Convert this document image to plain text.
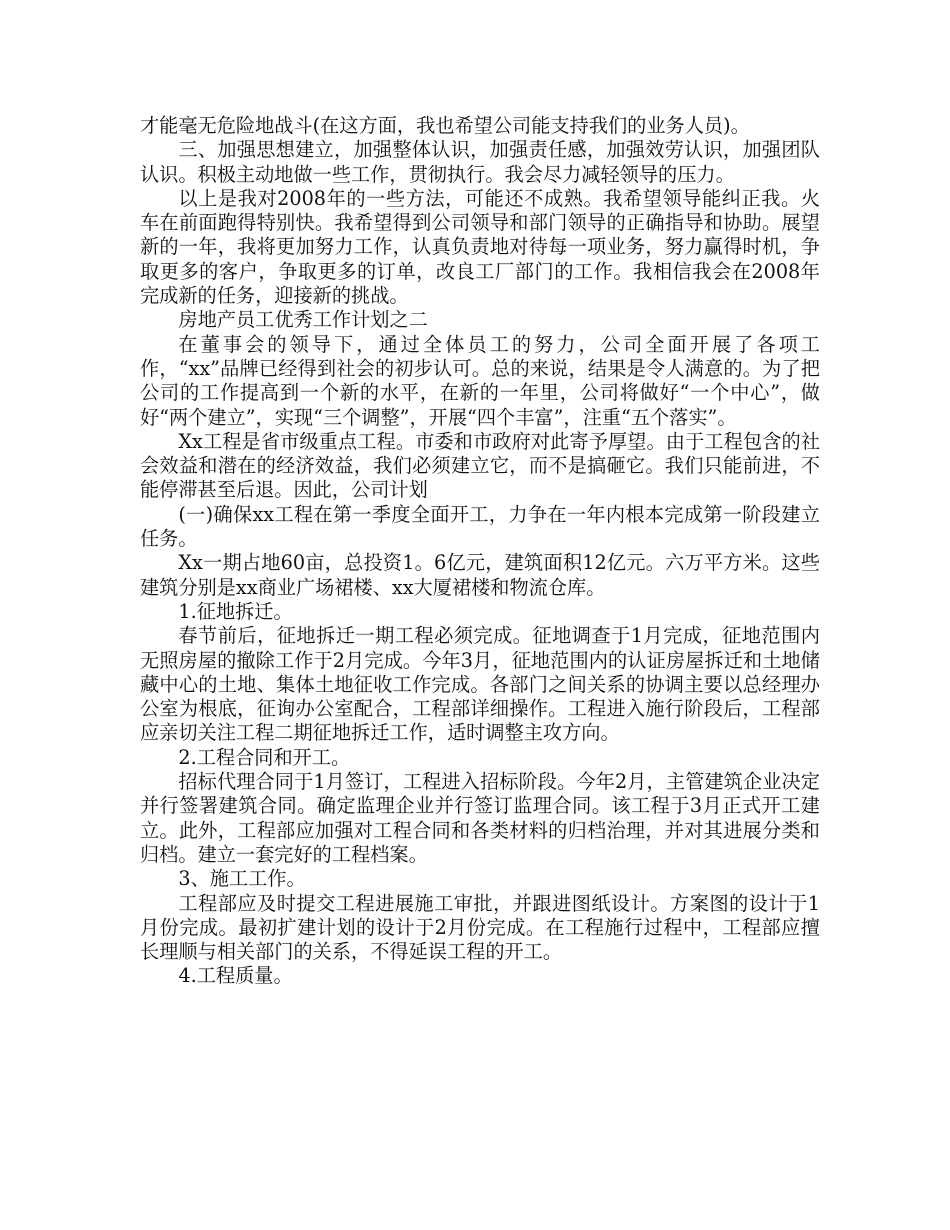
才能毫无危险地战斗(在这方面，我也希望公司能支持我们的业务人员)。

三、加强思想建立，加强整体认识，加强责任感，加强效劳认识，加强团队认识。积极主动地做一些工作，贯彻执行。我会尽力减轻领导的压力。

以上是我对2008年的一些方法，可能还不成熟。我希望领导能纠正我。火车在前面跑得特别快。我希望得到公司领导和部门领导的正确指导和协助。展望新的一年，我将更加努力工作，认真负责地对待每一项业务，努力赢得时机，争取更多的客户，争取更多的订单，改良工厂部门的工作。我相信我会在2008年完成新的任务，迎接新的挑战。

房地产员工优秀工作计划之二

在董事会的领导下，通过全体员工的努力，公司全面开展了各项工作，“xx”品牌已经得到社会的初步认可。总的来说，结果是令人满意的。为了把公司的工作提高到一个新的水平，在新的一年里，公司将做好“一个中心”，做好“两个建立”，实现“三个调整”，开展“四个丰富”，注重“五个落实”。

Xx工程是省市级重点工程。市委和市政府对此寄予厚望。由于工程包含的社会效益和潜在的经济效益，我们必须建立它，而不是搞砸它。我们只能前进，不能停滞甚至后退。因此，公司计划

(一)确保xx工程在第一季度全面开工，力争在一年内根本完成第一阶段建立任务。

Xx一期占地60亩，总投资1。6亿元，建筑面积12亿元。六万平方米。这些建筑分别是xx商业广场裙楼、xx大厦裙楼和物流仓库。

1.征地拆迁。

春节前后，征地拆迁一期工程必须完成。征地调查于1月完成，征地范围内无照房屋的撤除工作于2月完成。今年3月，征地范围内的认证房屋拆迁和土地储藏中心的土地、集体土地征收工作完成。各部门之间关系的协调主要以总经理办公室为根底，征询办公室配合，工程部详细操作。工程进入施行阶段后，工程部应亲切关注工程二期征地拆迁工作，适时调整主攻方向。

2.工程合同和开工。

招标代理合同于1月签订，工程进入招标阶段。今年2月，主管建筑企业决定并行签署建筑合同。确定监理企业并行签订监理合同。该工程于3月正式开工建立。此外，工程部应加强对工程合同和各类材料的归档治理，并对其进展分类和归档。建立一套完好的工程档案。

3、施工工作。

工程部应及时提交工程进展施工审批，并跟进图纸设计。方案图的设计于1月份完成。最初扩建计划的设计于2月份完成。在工程施行过程中，工程部应擅长理顺与相关部门的关系，不得延误工程的开工。

4.工程质量。
